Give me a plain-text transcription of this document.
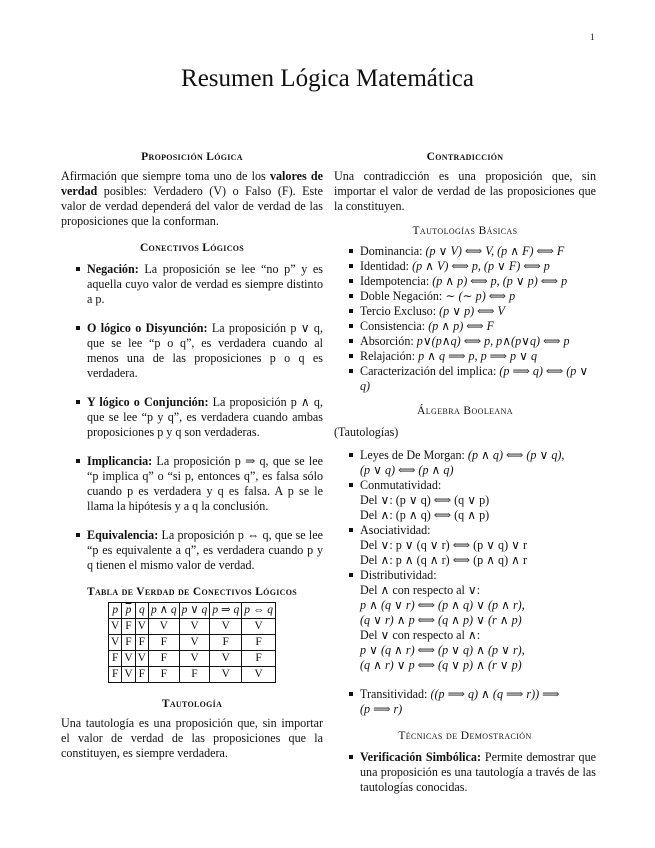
1
Resumen Lógica Matemática
Proposición Lógica

Afirmación que siempre toma uno de los valores de verdad posibles: Verdadero (V) o Falso (F). Este valor de verdad dependerá del valor de verdad de las proposiciones que la conforman.

Conectivos Lógicos
Negación: La proposición se lee “no p” y es aquella cuyo valor de verdad es siempre distinto a p.
O lógico o Disyunción: La proposición p ∨ q, que se lee “p o q”, es verdadera cuando al menos una de las proposiciones p o q es verdadera.
Y lógico o Conjunción: La proposición p ∧ q, que se lee “p y q”, es verdadera cuando ambas proposiciones p y q son verdaderas.
Implicancia: La proposición p ⇒ q, que se lee “p implica q” o “si p, entonces q”, es falsa sólo cuando p es verdadera y q es falsa. A p se le llama la hipótesis y a q la conclusión.
Equivalencia: La proposición p ⇔ q, que se lee “p es equivalente a q”, es verdadera cuando p y q tienen el mismo valor de verdad.
Tabla de Verdad de Conectivos Lógicos
p	$\overline{p}$	q	p ∧ q	p ∨ q	p ⇒ q	p ⇔ q
V	F	V	V	V	V	V
V	F	F	F	V	F	F
F	V	V	F	V	V	F
F	V	F	F	F	V	V
Tautología

Una tautología es una proposición que, sin importar el valor de verdad de las proposiciones que la constituyen, es siempre verdadera.

Contradicción

Una contradicción es una proposición que, sin importar el valor de verdad de las proposiciones que la constituyen.

Tautologías Básicas
Dominancia: (p ∨ V) ⟺ V, (p ∧ F) ⟺ F
Identidad: (p ∧ V) ⟺ p, (p ∨ F) ⟺ p
Idempotencia: (p ∧ p) ⟺ p, (p ∨ p) ⟺ p
Doble Negación: ∼ (∼ p) ⟺ p
Tercio Excluso: (p ∨ p) ⟺ V
Consistencia: (p ∧ p) ⟺ F
Absorción: p∨(p∧q) ⟺ p, p∧(p∨q) ⟺ p
Relajación: p ∧ q ⟹ p, p ⟹ p ∨ q
Caracterización del implica: (p ⟹ q) ⟺ (p ∨ q)
Álgebra Booleana

(Tautologías)

Leyes de De Morgan: (p ∧ q) ⟺ (p ∨ q),
(p ∨ q) ⟺ (p ∧ q)
Conmutatividad:
Del ∨: (p ∨ q) ⟺ (q ∨ p)
Del ∧: (p ∧ q) ⟺ (q ∧ p)
Asociatividad:
Del ∨: p ∨ (q ∨ r) ⟺ (p ∨ q) ∨ r
Del ∧: p ∧ (q ∧ r) ⟺ (p ∧ q) ∧ r
Distributividad:
Del ∧ con respecto al ∨:
p ∧ (q ∨ r) ⟺ (p ∧ q) ∨ (p ∧ r),
(q ∨ r) ∧ p ⟺ (q ∧ p) ∨ (r ∧ p)
Del ∨ con respecto al ∧:
p ∨ (q ∧ r) ⟺ (p ∨ q) ∧ (p ∨ r),
(q ∧ r) ∨ p ⟺ (q ∨ p) ∧ (r ∨ p)
Transitividad: ((p ⟹ q) ∧ (q ⟹ r)) ⟹
(p ⟹ r)
Técnicas de Demostración
Verificación Simbólica: Permite demostrar que una proposición es una tautología a través de las tautologías conocidas.
